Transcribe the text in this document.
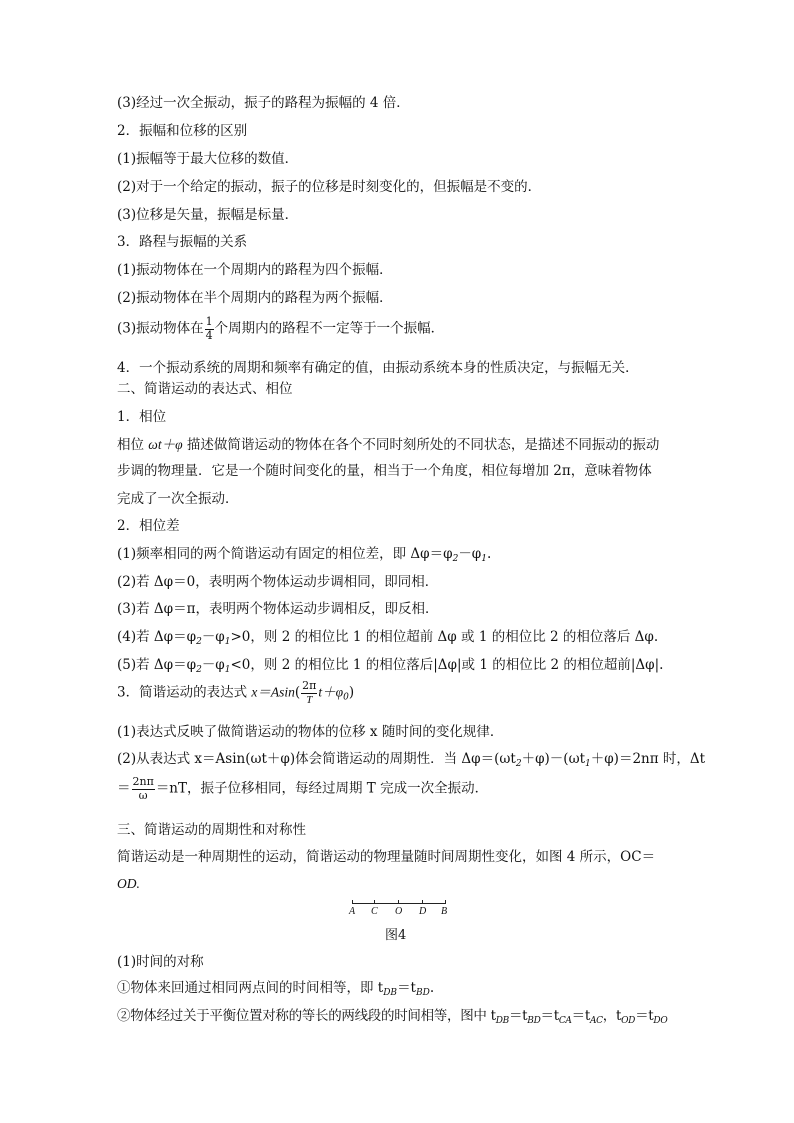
(3)经过一次全振动，振子的路程为振幅的 4 倍．
2．振幅和位移的区别
(1)振幅等于最大位移的数值．
(2)对于一个给定的振动，振子的位移是时刻变化的，但振幅是不变的．
(3)位移是矢量，振幅是标量．
3．路程与振幅的关系
(1)振动物体在一个周期内的路程为四个振幅．
(2)振动物体在半个周期内的路程为两个振幅．
(3)振动物体在 $\frac{1}{4}$ 个周期内的路程不一定等于一个振幅．
4．一个振动系统的周期和频率有确定的值，由振动系统本身的性质决定，与振幅无关．
二、简谐运动的表达式、相位
1．相位
相位 ωt＋φ 描述做简谐运动的物体在各个不同时刻所处的不同状态，是描述不同振动的振动
步调的物理量．它是一个随时间变化的量，相当于一个角度，相位每增加 2π，意味着物体
完成了一次全振动．
2．相位差
(1)频率相同的两个简谐运动有固定的相位差，即 $\Delta\varphi=\varphi_2-\varphi_1$.
(2)若 Δφ＝0，表明两个物体运动步调相同，即同相．
(3)若 Δφ＝π，表明两个物体运动步调相反，即反相．
(4)若 $\Delta\varphi=\varphi_2-\varphi_1>0$，则 2 的相位比 1 的相位超前 Δφ 或 1 的相位比 2 的相位落后 Δφ.
(5)若 $\Delta\varphi=\varphi_2-\varphi_1<0$，则 2 的相位比 1 的相位落后|Δφ|或 1 的相位比 2 的相位超前|Δφ|.
3．简谐运动的表达式 $x=Asin( \frac{2\pi}{T} t+\varphi_0)$
(1)表达式反映了做简谐运动的物体的位移 x 随时间的变化规律．
(2)从表达式 x＝Asin(ωt＋φ)体会简谐运动的周期性．当 $\Delta\varphi=(\omega t_2+\varphi)-(\omega t_1+\varphi)=2n\pi$ 时，Δt
＝ $\frac{2n\pi}{\omega} =nT$，振子位移相同，每经过周期 T 完成一次全振动．
三、简谐运动的周期性和对称性
简谐运动是一种周期性的运动，简谐运动的物理量随时间周期性变化，如图 4 所示，OC＝
OD.
A C O D B
图4
(1)时间的对称
①物体来回通过相同两点间的时间相等，即 $t_{DB}=t_{BD}$.
②物体经过关于平衡位置对称的等长的两线段的时间相等，图中 $t_{DB}=t_{BD}=t_{CA}=t_{AC}$，$t_{OD}=t_{DO}$
